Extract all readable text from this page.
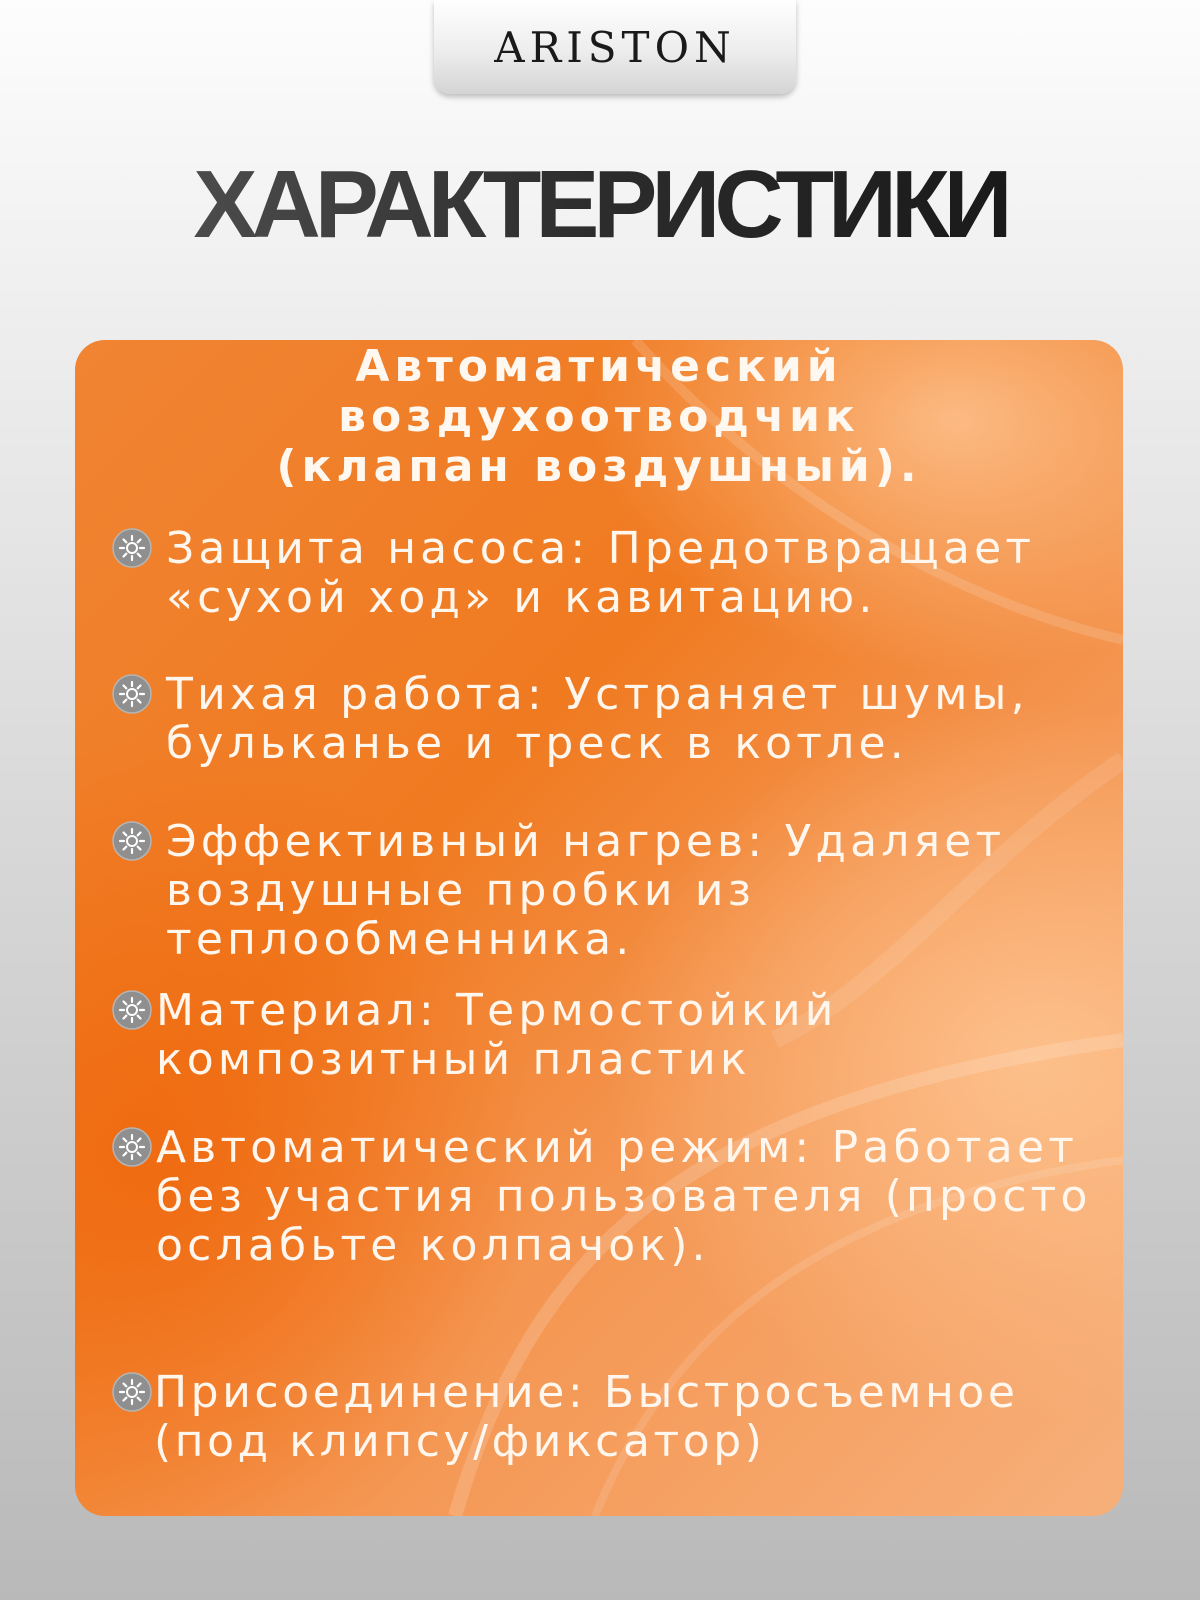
ARISTON
ХАРАКТЕРИСТИКИ
Автоматический
воздухоотводчик
(клапан воздушный).
Защита насоса: Предотвращает «сухой ход» и кавитацию.
Тихая работа: Устраняет шумы, бульканье и треск в котле.
Эффективный нагрев: Удаляет воздушные пробки из теплообменника.
Материал: Термостойкий композитный пластик
Автоматический режим: Работает без участия пользователя (просто ослабьте колпачок).
Присоединение: Быстросъемное (под клипсу/фиксатор)
